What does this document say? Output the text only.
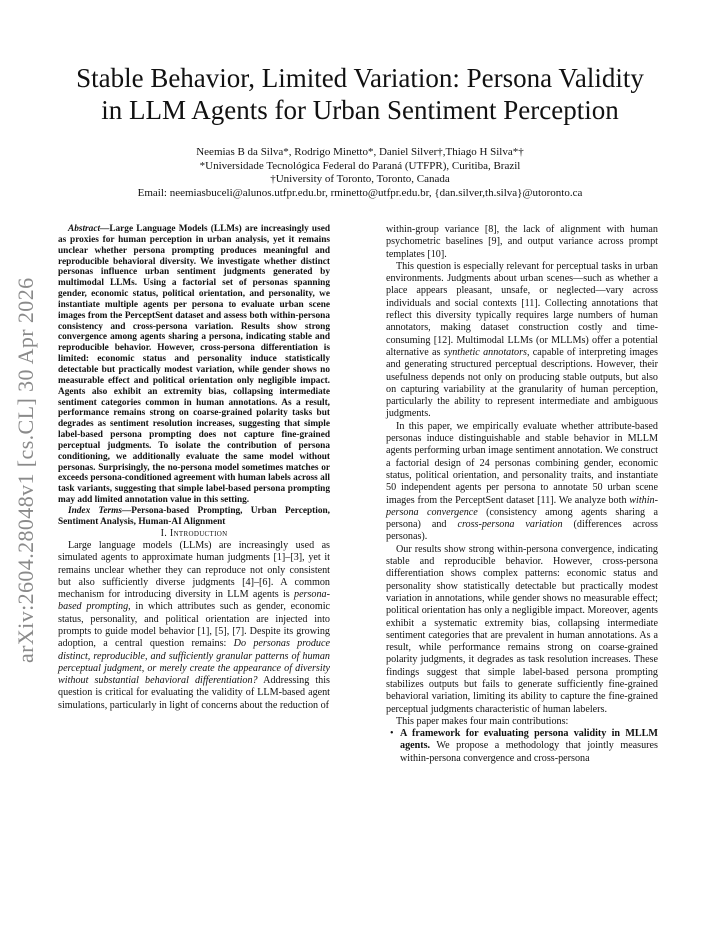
arXiv:2604.28048v1 [cs.CL] 30 Apr 2026
Stable Behavior, Limited Variation: Persona Validity
in LLM Agents for Urban Sentiment Perception
Neemias B da Silva*, Rodrigo Minetto*, Daniel Silver†,Thiago H Silva*†
*Universidade Tecnológica Federal do Paraná (UTFPR), Curitiba, Brazil
†University of Toronto, Toronto, Canada
Email: neemiasbuceli@alunos.utfpr.edu.br, rminetto@utfpr.edu.br, {dan.silver,th.silva}@utoronto.ca

Abstract—Large Language Models (LLMs) are increasingly used as proxies for human perception in urban analysis, yet it remains unclear whether persona prompting produces meaningful and reproducible behavioral diversity. We investigate whether distinct personas influence urban sentiment judgments generated by multimodal LLMs. Using a factorial set of personas spanning gender, economic status, political orientation, and personality, we instantiate multiple agents per persona to evaluate urban scene images from the PerceptSent dataset and assess both within-persona consistency and cross-persona variation. Results show strong convergence among agents sharing a persona, indicating stable and reproducible behavior. However, cross-persona differentiation is limited: economic status and personality induce statistically detectable but practically modest variation, while gender shows no measurable effect and political orientation only negligible impact. Agents also exhibit an extremity bias, collapsing intermediate sentiment categories common in human annotations. As a result, performance remains strong on coarse-grained polarity tasks but degrades as sentiment resolution increases, suggesting that simple label-based persona prompting does not capture fine-grained perceptual judgments. To isolate the contribution of persona conditioning, we additionally evaluate the same model without personas. Surprisingly, the no-persona model sometimes matches or exceeds persona-conditioned agreement with human labels across all task variants, suggesting that simple label-based persona prompting may add limited annotation value in this setting.

Index Terms—Persona-based Prompting, Urban Perception, Sentiment Analysis, Human-AI Alignment

I. Introduction

Large language models (LLMs) are increasingly used as simulated agents to approximate human judgments [1]–[3], yet it remains unclear whether they can reproduce not only consistent but also sufficiently diverse judgments [4]–[6]. A common mechanism for introducing diversity in LLM agents is persona-based prompting, in which attributes such as gender, economic status, personality, and political orientation are injected into prompts to guide model behavior [1], [5], [7]. Despite its growing adoption, a central question remains: Do personas produce distinct, reproducible, and sufficiently granular patterns of human perceptual judgment, or merely create the appearance of diversity without substantial behavioral differentiation? Addressing this question is critical for evaluating the validity of LLM-based agent simulations, particularly in light of concerns about the reduction of

within-group variance [8], the lack of alignment with human psychometric baselines [9], and output variance across prompt templates [10].

This question is especially relevant for perceptual tasks in urban environments. Judgments about urban scenes—such as whether a place appears pleasant, unsafe, or neglected—vary across individuals and social contexts [11]. Collecting annotations that reflect this diversity typically requires large numbers of human annotators, making dataset construction costly and time-consuming [12]. Multimodal LLMs (or MLLMs) offer a potential alternative as synthetic annotators, capable of interpreting images and generating structured perceptual descriptions. However, their usefulness depends not only on producing stable outputs, but also on capturing variability at the granularity of human perception, particularly the ability to represent intermediate and ambiguous judgments.

In this paper, we empirically evaluate whether attribute-based personas induce distinguishable and stable behavior in MLLM agents performing urban image sentiment annotation. We construct a factorial design of 24 personas combining gender, economic status, political orientation, and personality traits, and instantiate 50 independent agents per persona to annotate 50 urban scene images from the PerceptSent dataset [11]. We analyze both within-persona convergence (consistency among agents sharing a persona) and cross-persona variation (differences across personas).

Our results show strong within-persona convergence, indicating stable and reproducible behavior. However, cross-persona differentiation shows complex patterns: economic status and personality show statistically detectable but practically modest variation in annotations, while gender shows no measurable effect; political orientation has only a negligible impact. Moreover, agents exhibit a systematic extremity bias, collapsing intermediate sentiment categories that are prevalent in human annotations. As a result, while performance remains strong on coarse-grained polarity judgments, it degrades as task resolution increases. These findings suggest that simple label-based persona prompting stabilizes outputs but fails to generate sufficiently fine-grained behavioral variation, limiting its ability to capture the fine-grained perceptual judgments characteristic of human labelers.

This paper makes four main contributions:

• A framework for evaluating persona validity in MLLM agents. We propose a methodology that jointly measures within-persona convergence and cross-persona
